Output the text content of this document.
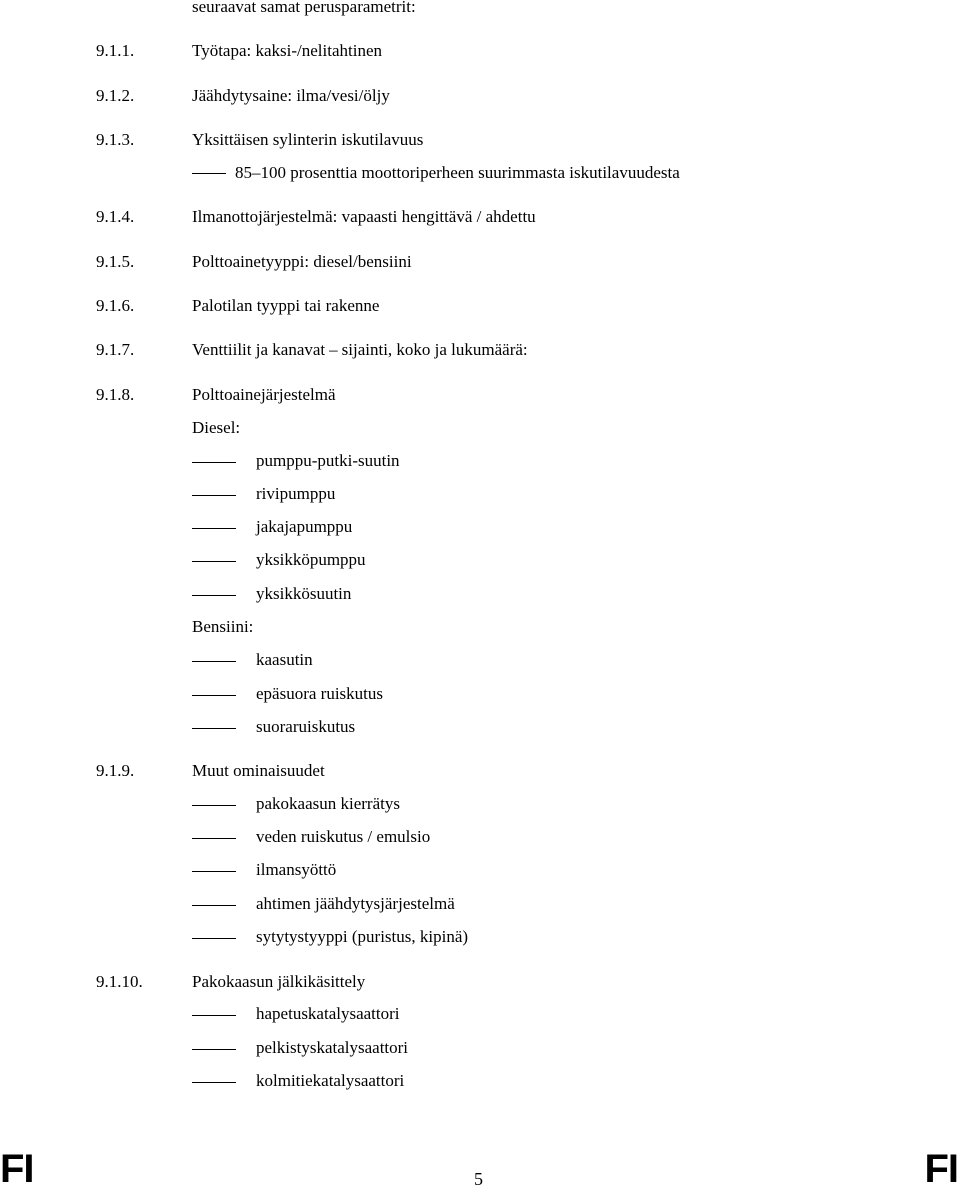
seuraavat samat perusparametrit:
9.1.1.	Työtapa: kaksi-/nelitahtinen
9.1.2.	Jäähdytysaine: ilma/vesi/öljy
9.1.3.	Yksittäisen sylinterin iskutilavuus
85–100 prosenttia moottoriperheen suurimmasta iskutilavuudesta
9.1.4.	Ilmanottojärjestelmä: vapaasti hengittävä / ahdettu
9.1.5.	Polttoainetyyppi: diesel/bensiini
9.1.6.	Palotilan tyyppi tai rakenne
9.1.7.	Venttiilit ja kanavat – sijainti, koko ja lukumäärä:
9.1.8.	Polttoainejärjestelmä
Diesel:
pumppu-putki-suutin
rivipumppu
jakajapumppu
yksikköpumppu
yksikkösuutin
Bensiini:
kaasutin
epäsuora ruiskutus
suoraruiskutus
9.1.9.	Muut ominaisuudet
pakokaasun kierrätys
veden ruiskutus / emulsio
ilmansyöttö
ahtimen jäähdytysjärjestelmä
sytytystyyppi (puristus, kipinä)
9.1.10.	Pakokaasun jälkikäsittely
hapetuskatalysaattori
pelkistyskatalysaattori
kolmitiekatalysaattori
FI	5	FI
